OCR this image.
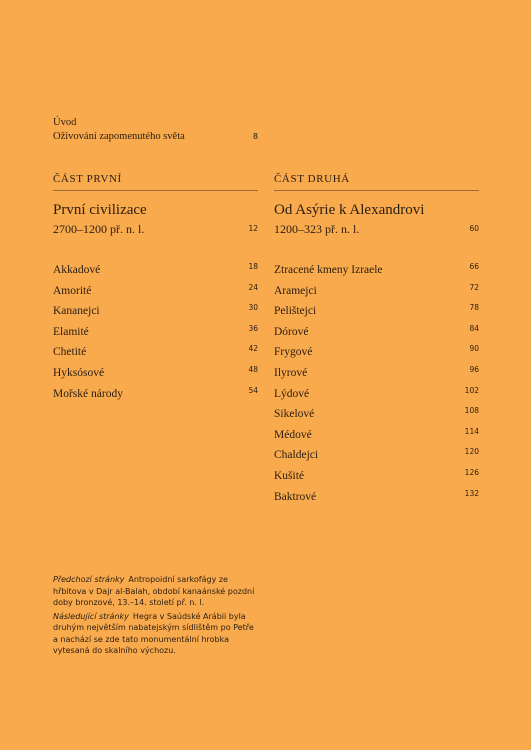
Úvod
Oživování zapomenutého světa	8
ČÁST PRVNÍ
První civilizace
2700–1200 př. n. l.	12
ČÁST DRUHÁ
Od Asýrie k Alexandrovi
1200–323 př. n. l.	60
Akkadové	18
Amorité	24
Kananejci	30
Elamité	36
Chetité	42
Hyksósové	48
Mořské národy	54
Ztracené kmeny Izraele	66
Aramejci	72
Pelištejci	78
Dórové	84
Frygové	90
Ilyrové	96
Lýdové	102
Sikelové	108
Médové	114
Chaldejci	120
Kušité	126
Baktrové	132

Předchozí stránky Antropoidní sarkofágy ze hřbitova v Dajr al-Balah, období kanaánské pozdní doby bronzové, 13.–14. století př. n. l.

Následující stránky Hegra v Saúdské Arábii byla druhým největším nabatejským sídlištěm po Petře a nachází se zde tato monumentální hrobka vytesaná do skalního výchozu.
